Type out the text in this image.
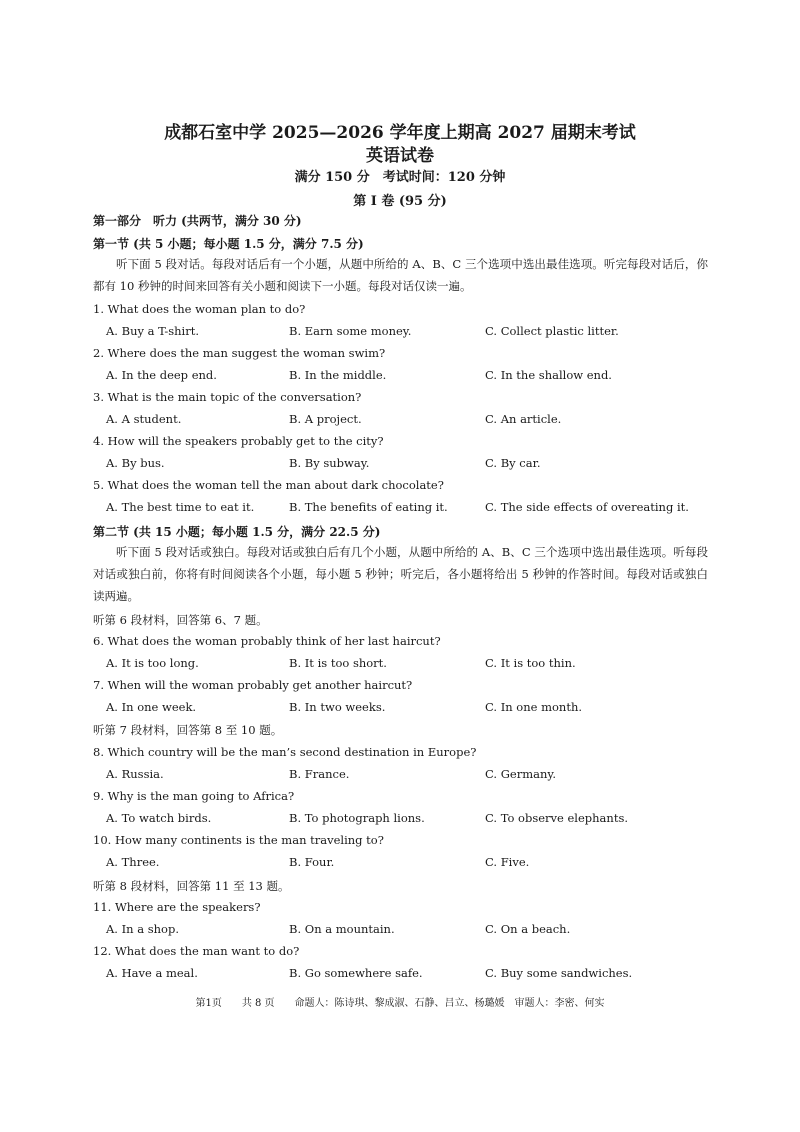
成都石室中学 2025—2026 学年度上期高 2027 届期末考试
英语试卷
满分 150 分　考试时间：120 分钟
第 I 卷 (95 分)
第一部分　听力 (共两节，满分 30 分)
第一节 (共 5 小题；每小题 1.5 分，满分 7.5 分)
听下面 5 段对话。每段对话后有一个小题，从题中所给的 A、B、C 三个选项中选出最佳选项。听完每段对话后，你都有 10 秒钟的时间来回答有关小题和阅读下一小题。每段对话仅读一遍。
1. What does the woman plan to do?
A. Buy a T-shirt.	B. Earn some money.	C. Collect plastic litter.
2. Where does the man suggest the woman swim?
A. In the deep end.	B. In the middle.	C. In the shallow end.
3. What is the main topic of the conversation?
A. A student.	B. A project.	C. An article.
4. How will the speakers probably get to the city?
A. By bus.	B. By subway.	C. By car.
5. What does the woman tell the man about dark chocolate?
A. The best time to eat it.	B. The benefits of eating it.	C. The side effects of overeating it.
第二节 (共 15 小题；每小题 1.5 分，满分 22.5 分)
听下面 5 段对话或独白。每段对话或独白后有几个小题，从题中所给的 A、B、C 三个选项中选出最佳选项。听每段对话或独白前，你将有时间阅读各个小题，每小题 5 秒钟；听完后，各小题将给出 5 秒钟的作答时间。每段对话或独白读两遍。
听第 6 段材料，回答第 6、7 题。
6. What does the woman probably think of her last haircut?
A. It is too long.	B. It is too short.	C. It is too thin.
7. When will the woman probably get another haircut?
A. In one week.	B. In two weeks.	C. In one month.
听第 7 段材料，回答第 8 至 10 题。
8. Which country will be the man’s second destination in Europe?
A. Russia.	B. France.	C. Germany.
9. Why is the man going to Africa?
A. To watch birds.	B. To photograph lions.	C. To observe elephants.
10. How many continents is the man traveling to?
A. Three.	B. Four.	C. Five.
听第 8 段材料，回答第 11 至 13 题。
11. Where are the speakers?
A. In a shop.	B. On a mountain.	C. On a beach.
12. What does the man want to do?
A. Have a meal.	B. Go somewhere safe.	C. Buy some sandwiches.
第1页　　共 8 页　　命题人：陈诗琪、黎成淑、石静、吕立、杨璐媛　审题人：李密、何实
